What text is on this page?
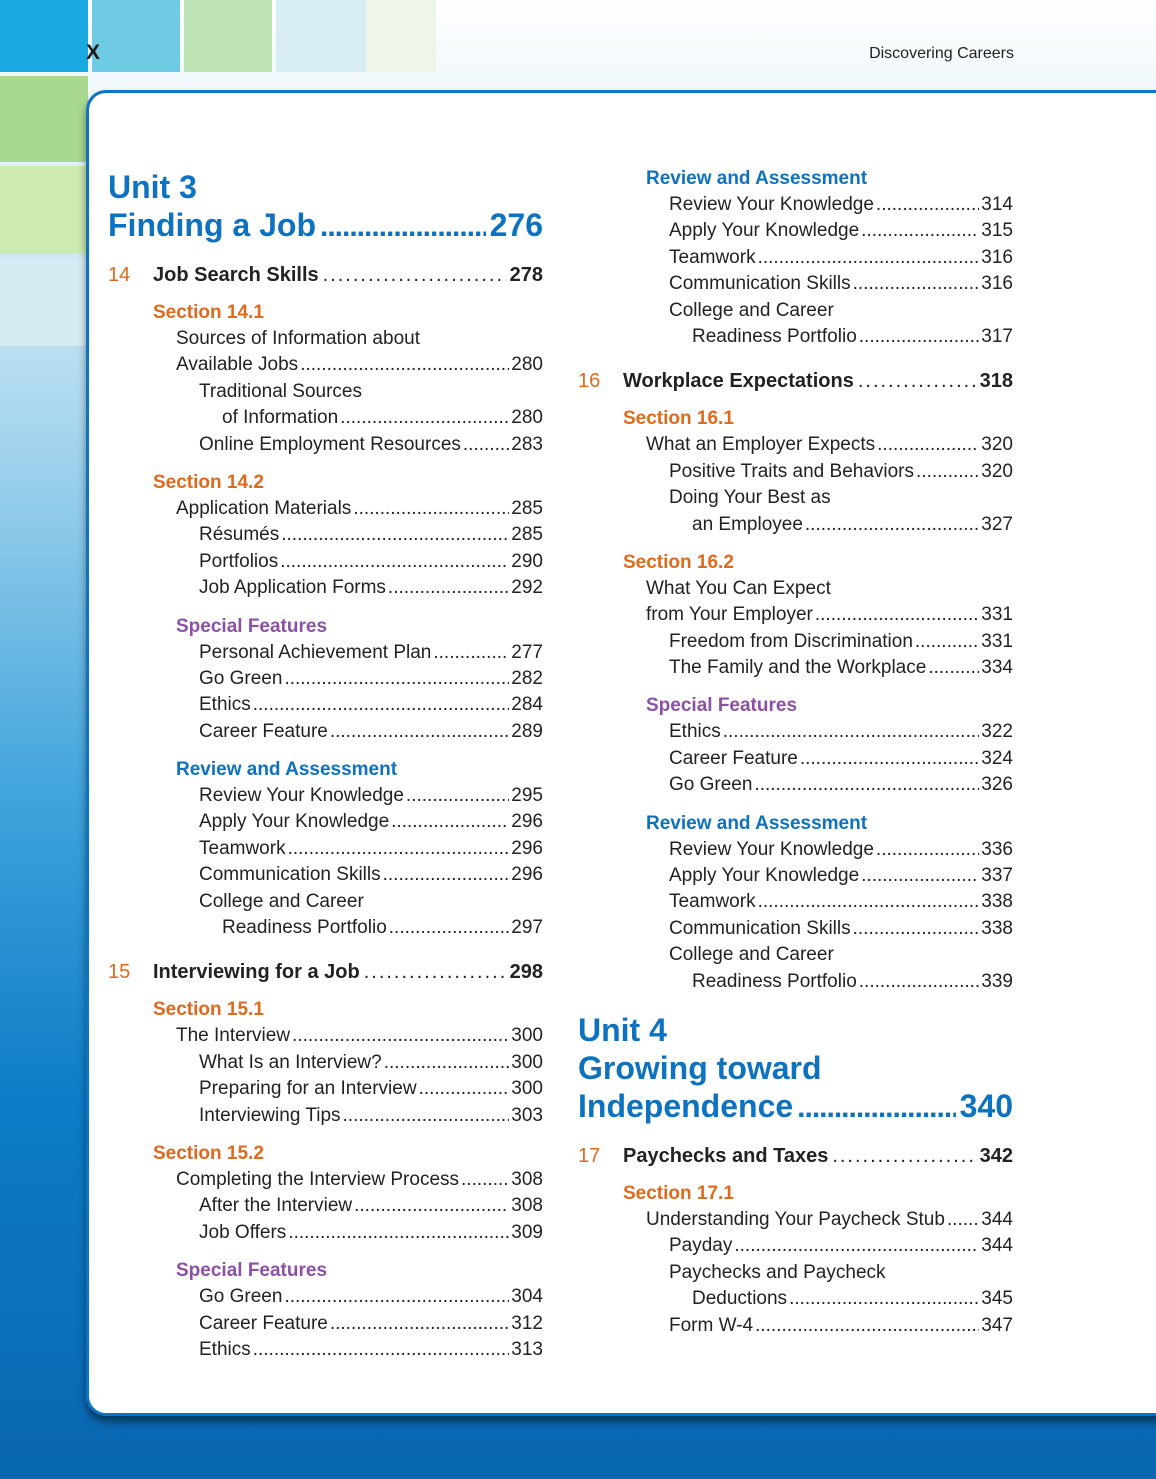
X	Discovering Careers
Unit 3
Finding a Job .....	276
14	Job Search Skills .....	278
Section 14.1
Sources of Information about
Available Jobs .....	280
Traditional Sources
of Information .....	280
Online Employment Resources .....	283
Section 14.2
Application Materials .....	285
Résumés .....	285
Portfolios .....	290
Job Application Forms .....	292
Special Features
Personal Achievement Plan .....	277
Go Green .....	282
Ethics .....	284
Career Feature .....	289
Review and Assessment
Review Your Knowledge .....	295
Apply Your Knowledge .....	296
Teamwork .....	296
Communication Skills .....	296
College and Career
Readiness Portfolio .....	297
15	Interviewing for a Job .....	298
Section 15.1
The Interview .....	300
What Is an Interview? .....	300
Preparing for an Interview .....	300
Interviewing Tips .....	303
Section 15.2
Completing the Interview Process .....	308
After the Interview .....	308
Job Offers .....	309
Special Features
Go Green .....	304
Career Feature .....	312
Ethics .....	313
Review and Assessment
Review Your Knowledge .....	314
Apply Your Knowledge .....	315
Teamwork .....	316
Communication Skills .....	316
College and Career
Readiness Portfolio .....	317
16	Workplace Expectations .....	318
Section 16.1
What an Employer Expects .....	320
Positive Traits and Behaviors .....	320
Doing Your Best as
an Employee .....	327
Section 16.2
What You Can Expect
from Your Employer .....	331
Freedom from Discrimination .....	331
The Family and the Workplace .....	334
Special Features
Ethics .....	322
Career Feature .....	324
Go Green .....	326
Review and Assessment
Review Your Knowledge .....	336
Apply Your Knowledge .....	337
Teamwork .....	338
Communication Skills .....	338
College and Career
Readiness Portfolio .....	339
Unit 4
Growing toward
Independence .....	340
17	Paychecks and Taxes .....	342
Section 17.1
Understanding Your Paycheck Stub ..... 344
Payday .....	344
Paychecks and Paycheck
Deductions .....	345
Form W-4 .....	347
